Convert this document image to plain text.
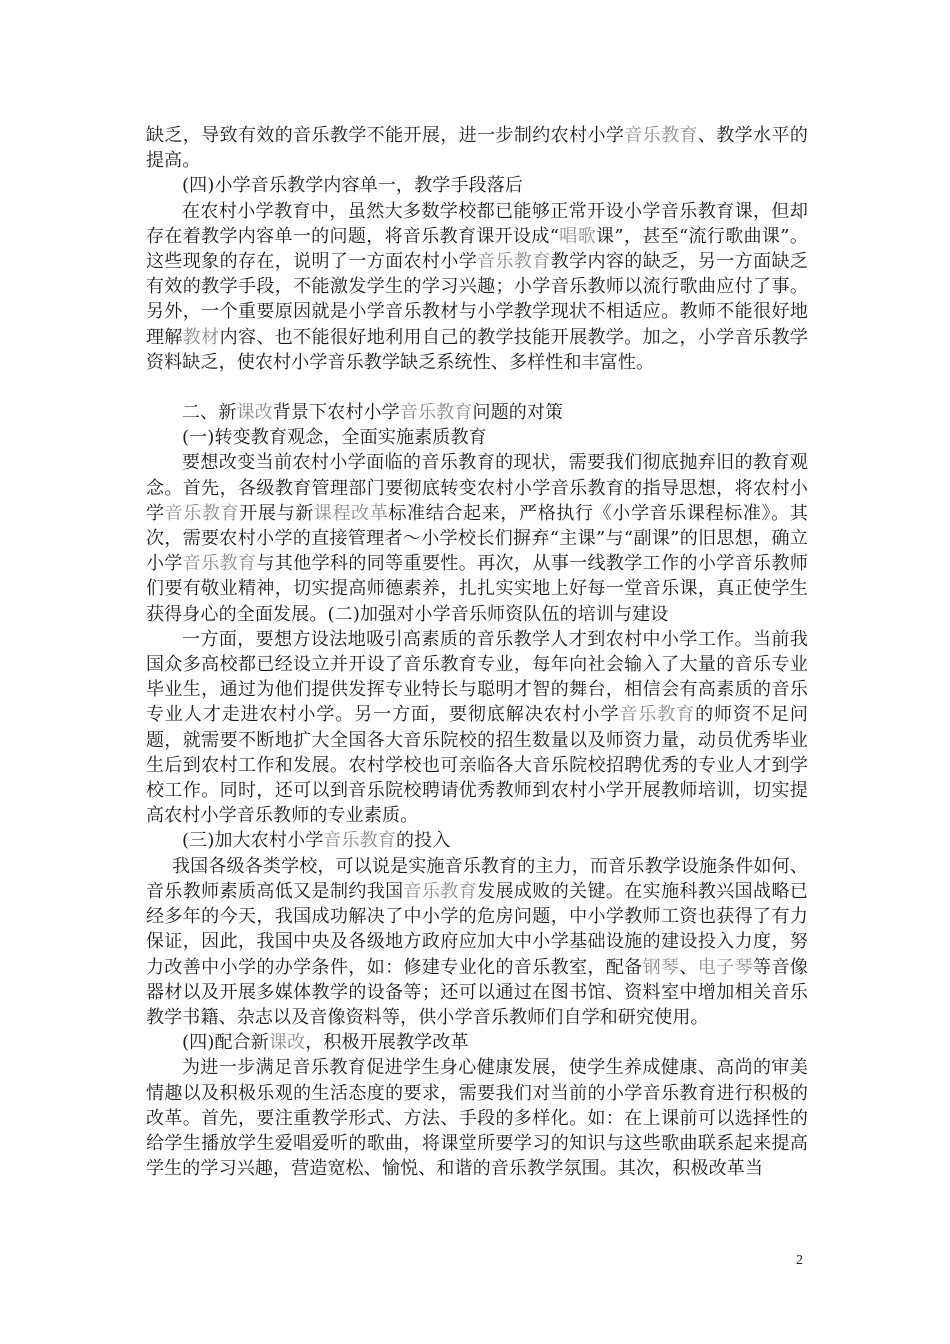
缺乏，导致有效的音乐教学不能开展，进一步制约农村小学音乐教育、教学水平的提高。

(四)小学音乐教学内容单一，教学手段落后

在农村小学教育中，虽然大多数学校都已能够正常开设小学音乐教育课，但却存在着教学内容单一的问题，将音乐教育课开设成“唱歌课”，甚至“流行歌曲课”。这些现象的存在，说明了一方面农村小学音乐教育教学内容的缺乏，另一方面缺乏有效的教学手段，不能激发学生的学习兴趣；小学音乐教师以流行歌曲应付了事。另外，一个重要原因就是小学音乐教材与小学教学现状不相适应。教师不能很好地理解教材内容、也不能很好地利用自己的教学技能开展教学。加之，小学音乐教学资料缺乏，使农村小学音乐教学缺乏系统性、多样性和丰富性。

二、新课改背景下农村小学音乐教育问题的对策

(一)转变教育观念，全面实施素质教育

要想改变当前农村小学面临的音乐教育的现状，需要我们彻底抛弃旧的教育观念。首先，各级教育管理部门要彻底转变农村小学音乐教育的指导思想，将农村小学音乐教育开展与新课程改革标准结合起来，严格执行《小学音乐课程标准》。其次，需要农村小学的直接管理者～小学校长们摒弃“主课”与“副课”的旧思想，确立小学音乐教育与其他学科的同等重要性。再次，从事一线教学工作的小学音乐教师们要有敬业精神，切实提高师德素养，扎扎实实地上好每一堂音乐课，真正使学生获得身心的全面发展。(二)加强对小学音乐师资队伍的培训与建设

一方面，要想方设法地吸引高素质的音乐教学人才到农村中小学工作。当前我国众多高校都已经设立并开设了音乐教育专业，每年向社会输入了大量的音乐专业毕业生，通过为他们提供发挥专业特长与聪明才智的舞台，相信会有高素质的音乐专业人才走进农村小学。另一方面，要彻底解决农村小学音乐教育的师资不足问题，就需要不断地扩大全国各大音乐院校的招生数量以及师资力量，动员优秀毕业生后到农村工作和发展。农村学校也可亲临各大音乐院校招聘优秀的专业人才到学校工作。同时，还可以到音乐院校聘请优秀教师到农村小学开展教师培训，切实提高农村小学音乐教师的专业素质。

(三)加大农村小学音乐教育的投入

我国各级各类学校，可以说是实施音乐教育的主力，而音乐教学设施条件如何、音乐教师素质高低又是制约我国音乐教育发展成败的关键。在实施科教兴国战略已经多年的今天，我国成功解决了中小学的危房问题，中小学教师工资也获得了有力保证，因此，我国中央及各级地方政府应加大中小学基础设施的建设投入力度，努力改善中小学的办学条件，如：修建专业化的音乐教室，配备钢琴、电子琴等音像器材以及开展多媒体教学的设备等；还可以通过在图书馆、资料室中增加相关音乐教学书籍、杂志以及音像资料等，供小学音乐教师们自学和研究使用。

(四)配合新课改，积极开展教学改革

为进一步满足音乐教育促进学生身心健康发展，使学生养成健康、高尚的审美情趣以及积极乐观的生活态度的要求，需要我们对当前的小学音乐教育进行积极的改革。首先，要注重教学形式、方法、手段的多样化。如：在上课前可以选择性的给学生播放学生爱唱爱听的歌曲，将课堂所要学习的知识与这些歌曲联系起来提高学生的学习兴趣，营造宽松、愉悦、和谐的音乐教学氛围。其次，积极改革当

2
